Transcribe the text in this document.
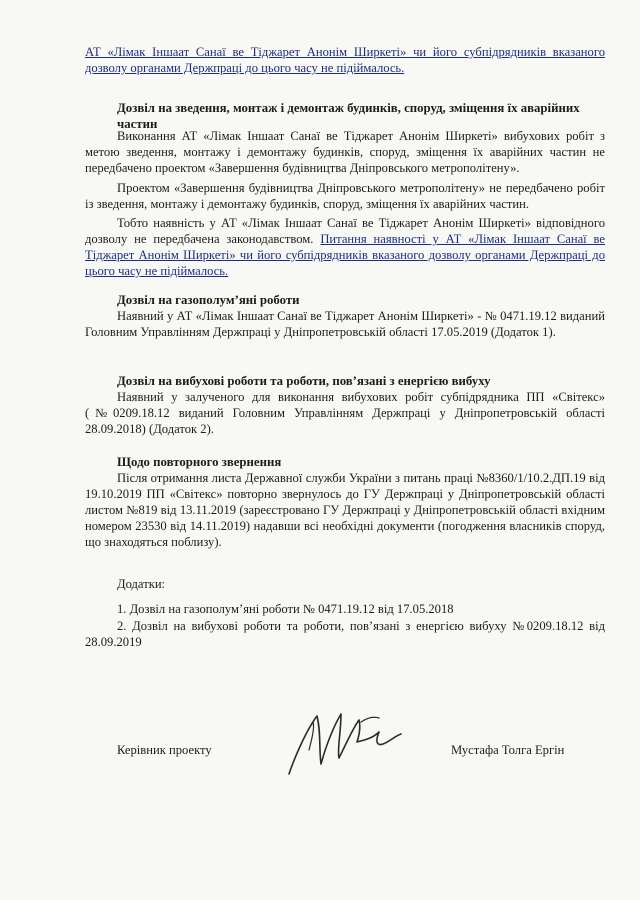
АТ «Лімак Іншаат Санаї ве Тіджарет Анонім Ширкеті» чи його субпідрядників вказаного дозволу органами Держпраці до цього часу не підіймалось.
Дозвіл на зведення, монтаж і демонтаж будинків, споруд, зміщення їх аварійних частин
Виконання АТ «Лімак Іншаат Санаї ве Тіджарет Анонім Ширкеті» вибухових робіт з метою зведення, монтажу і демонтажу будинків, споруд, зміщення їх аварійних частин не передбачено проектом «Завершення будівництва Дніпровського метрополітену».
Проектом «Завершення будівництва Дніпровського метрополітену» не передбачено робіт із зведення, монтажу і демонтажу будинків, споруд, зміщення їх аварійних частин.
Тобто наявність у АТ «Лімак Іншаат Санаї ве Тіджарет Анонім Ширкеті» відповідного дозволу не передбачена законодавством. Питання наявності у АТ «Лімак Іншаат Санаї ве Тіджарет Анонім Ширкеті» чи його субпідрядників вказаного дозволу органами Держпраці до цього часу не підіймалось.
Дозвіл на газополум’яні роботи
Наявний у АТ «Лімак Іншаат Санаї ве Тіджарет Анонім Ширкеті» - № 0471.19.12 виданий Головним Управлінням Держпраці у Дніпропетровській області 17.05.2019 (Додаток 1).
Дозвіл на вибухові роботи та роботи, пов’язані з енергією вибуху
Наявний у залученого для виконання вибухових робіт субпідрядника ПП «Світекс» (№0209.18.12 виданий Головним Управлінням Держпраці у Дніпропетровській області 28.09.2018) (Додаток 2).
Щодо повторного звернення
Після отримання листа Державної служби України з питань праці №8360/1/10.2.ДП.19 від 19.10.2019 ПП «Світекс» повторно звернулось до ГУ Держпраці у Дніпропетровській області листом №819 від 13.11.2019 (зареєстровано ГУ Держпраці у Дніпропетровській області вхідним номером 23530 від 14.11.2019) надавши всі необхідні документи (погодження власників споруд, що знаходяться поблизу).
Додатки:
1. Дозвіл на газополум’яні роботи № 0471.19.12 від 17.05.2018
2. Дозвіл на вибухові роботи та роботи, пов’язані з енергією вибуху №0209.18.12 від 28.09.2019
Керівник проекту	Мустафа Толга Ергін
